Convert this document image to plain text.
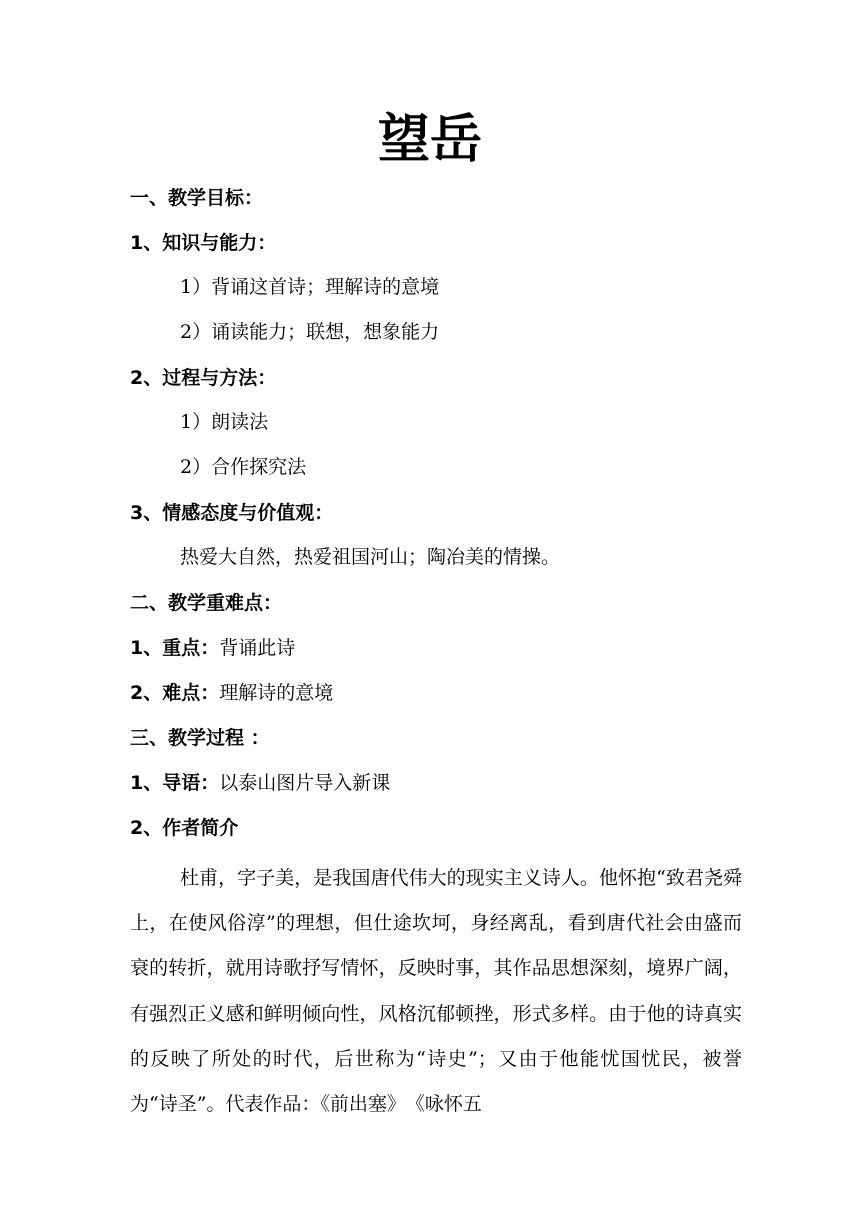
望岳
一、教学目标：
1、知识与能力：
1）背诵这首诗；理解诗的意境
2）诵读能力；联想，想象能力
2、过程与方法：
1）朗读法
2）合作探究法
3、情感态度与价值观：
热爱大自然，热爱祖国河山；陶冶美的情操。
二、教学重难点：
1、重点：背诵此诗
2、难点：理解诗的意境
三、教学过程 ：
1、导语：以泰山图片导入新课
2、作者简介
杜甫，字子美，是我国唐代伟大的现实主义诗人。他怀抱“致君尧舜上，在使风俗淳”的理想，但仕途坎坷，身经离乱，看到唐代社会由盛而衰的转折，就用诗歌抒写情怀，反映时事，其作品思想深刻，境界广阔，有强烈正义感和鲜明倾向性，风格沉郁顿挫，形式多样。由于他的诗真实的反映了所处的时代，后世称为“诗史”；又由于他能忧国忧民，被誉为“诗圣”。代表作品：《前出塞》　《咏怀五
